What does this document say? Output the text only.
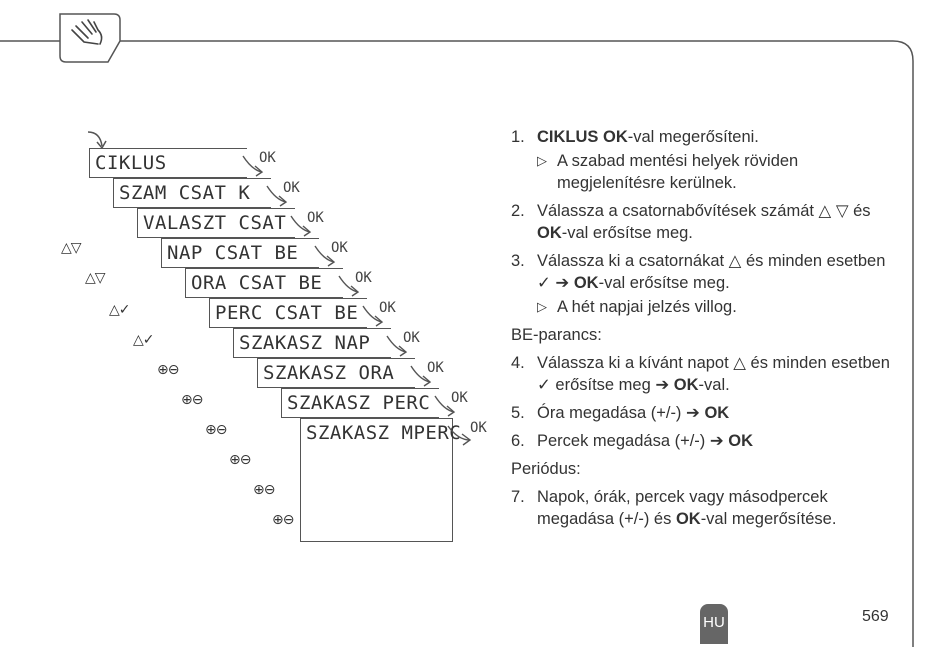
CIKLUS
SZAM CSAT K
VALASZT CSAT
NAP CSAT BE
ORA CSAT BE
PERC CSAT BE
SZAKASZ NAP
SZAKASZ ORA
SZAKASZ PERC
SZAKASZ MPERC
OK
OK
OK
OK
OK
OK
OK
OK
OK
OK
△▽
△▽
△✓
△✓
⊕⊖
⊕⊖
⊕⊖
⊕⊖
⊕⊖
⊕⊖
1. CIKLUS OK-val megerősíteni.
▷ A szabad mentési helyek röviden megjelenítésre kerülnek.
2. Válassza a csatornabővítések számát △ ▽ és OK-val erősítse meg.
3. Válassza ki a csatornákat △ és minden esetben ✓ ➔ OK-val erősítse meg.
▷ A hét napjai jelzés villog.
BE-parancs:
4. Válassza ki a kívánt napot △ és minden esetben ✓ erősítse meg ➔ OK-val.
5. Óra megadása (+/-) ➔ OK
6. Percek megadása (+/-) ➔ OK
Periódus:
7. Napok, órák, percek vagy másodpercek megadása (+/-) és OK-val megerősítése.
HU	569
